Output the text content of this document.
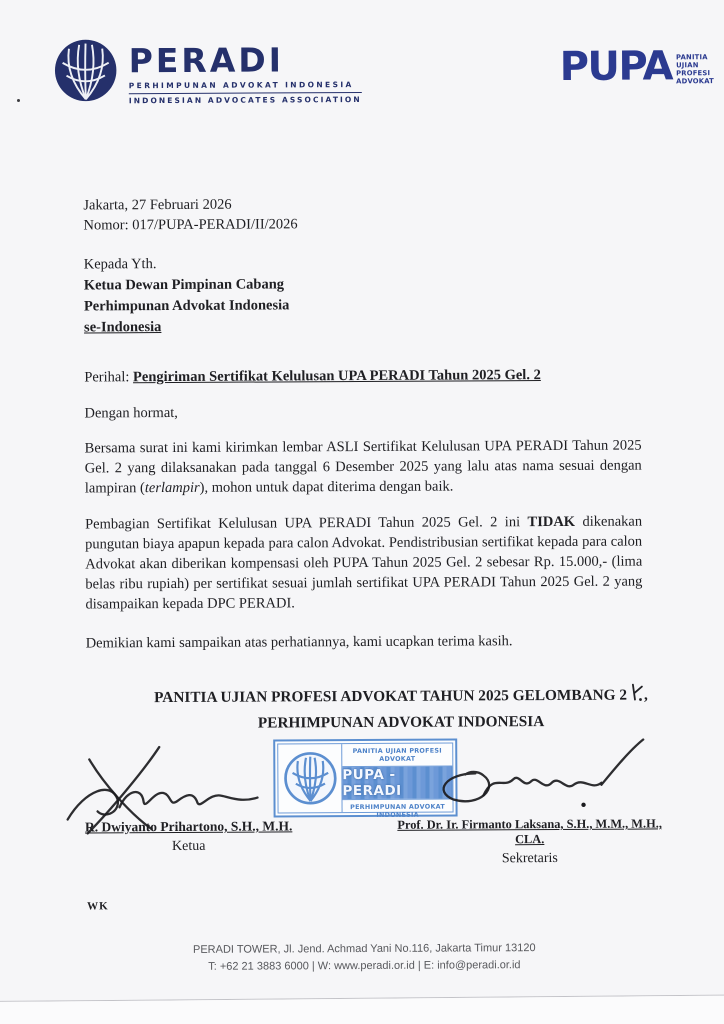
PERADI
PERHIMPUNAN ADVOKAT INDONESIA
INDONESIAN ADVOCATES ASSOCIATION
PUPA PANITIA
UJIAN
PROFESI
ADVOKAT
Jakarta, 27 Februari 2026
Nomor: 017/PUPA-PERADI/II/2026
Kepada Yth.
Ketua Dewan Pimpinan Cabang
Perhimpunan Advokat Indonesia
se-Indonesia
Perihal: Pengiriman Sertifikat Kelulusan UPA PERADI Tahun 2025 Gel. 2
Dengan hormat,
Bersama surat ini kami kirimkan lembar ASLI Sertifikat Kelulusan UPA PERADI Tahun 2025 Gel. 2 yang dilaksanakan pada tanggal 6 Desember 2025 yang lalu atas nama sesuai dengan lampiran (terlampir), mohon untuk dapat diterima dengan baik.
Pembagian Sertifikat Kelulusan UPA PERADI Tahun 2025 Gel. 2 ini TIDAK dikenakan pungutan biaya apapun kepada para calon Advokat. Pendistribusian sertifikat kepada para calon Advokat akan diberikan kompensasi oleh PUPA Tahun 2025 Gel. 2 sebesar Rp. 15.000,- (lima belas ribu rupiah) per sertifikat sesuai jumlah sertifikat UPA PERADI Tahun 2025 Gel. 2 yang disampaikan kepada DPC PERADI.
Demikian kami sampaikan atas perhatiannya, kami ucapkan terima kasih.
PANITIA UJIAN PROFESI ADVOKAT TAHUN 2025 GELOMBANG 2 ,
PERHIMPUNAN ADVOKAT INDONESIA
PANITIA UJIAN PROFESI ADVOKAT
PUPA - PERADI
PERHIMPUNAN ADVOKAT INDONESIA
R. Dwiyanto Prihartono, S.H., M.H.
Ketua
Prof. Dr. Ir. Firmanto Laksana, S.H., M.M., M.H., CLA.
Sekretaris
WK
PERADI TOWER, Jl. Jend. Achmad Yani No.116, Jakarta Timur 13120
T: +62 21 3883 6000 | W: www.peradi.or.id | E: info@peradi.or.id
